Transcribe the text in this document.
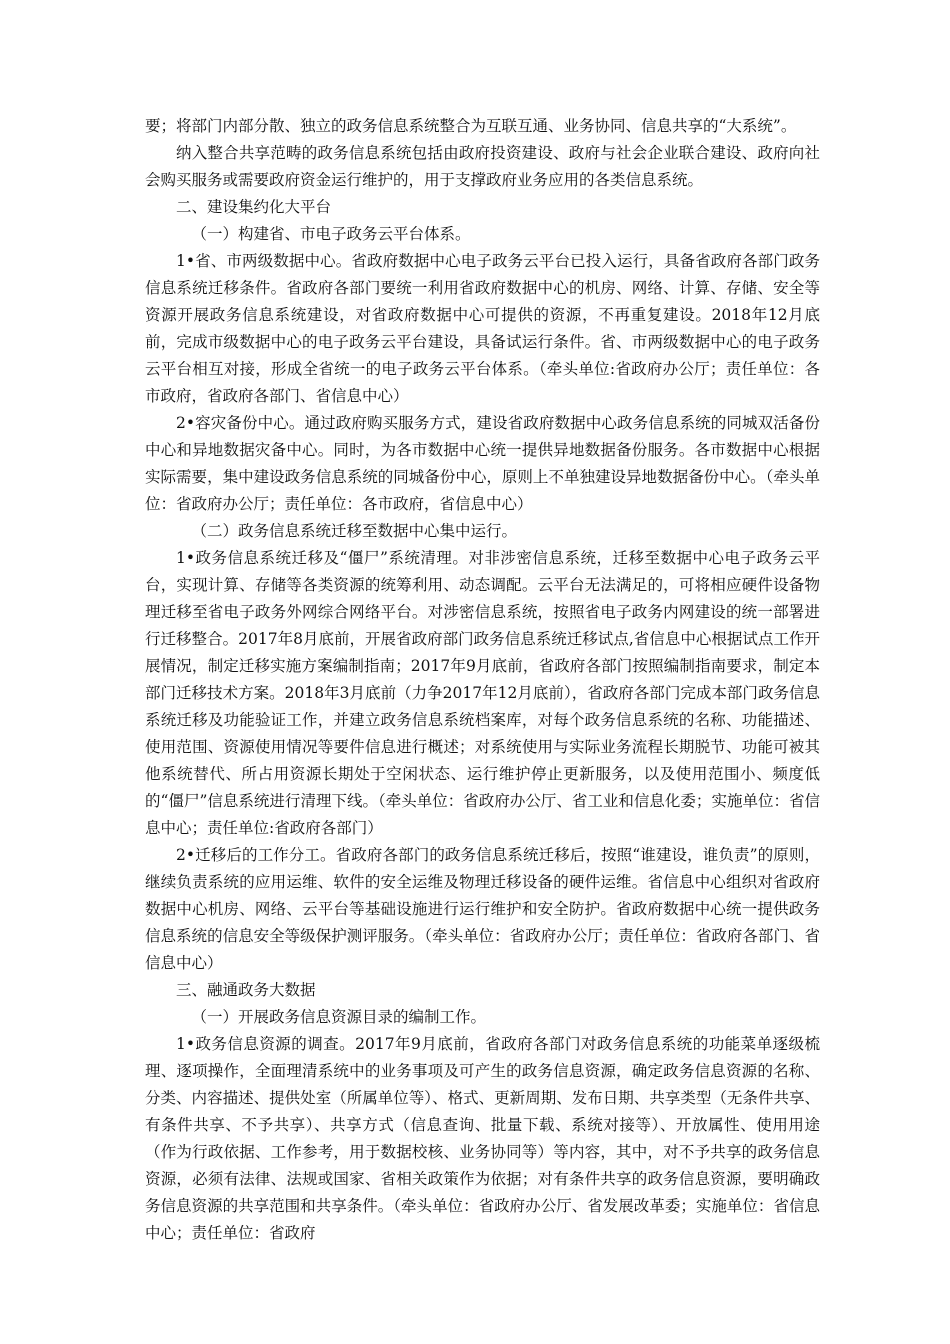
要；将部门内部分散、独立的政务信息系统整合为互联互通、业务协同、信息共享的“大系统”。

纳入整合共享范畴的政务信息系统包括由政府投资建设、政府与社会企业联合建设、政府向社会购买服务或需要政府资金运行维护的，用于支撑政府业务应用的各类信息系统。

二、建设集约化大平台

（一）构建省、市电子政务云平台体系。

1•省、市两级数据中心。省政府数据中心电子政务云平台已投入运行，具备省政府各部门政务信息系统迁移条件。省政府各部门要统一利用省政府数据中心的机房、网络、计算、存储、安全等资源开展政务信息系统建设，对省政府数据中心可提供的资源，不再重复建设。2018年12月底前，完成市级数据中心的电子政务云平台建设，具备试运行条件。省、市两级数据中心的电子政务云平台相互对接，形成全省统一的电子政务云平台体系。（牵头单位:省政府办公厅；责任单位：各市政府，省政府各部门、省信息中心）

2•容灾备份中心。通过政府购买服务方式，建设省政府数据中心政务信息系统的同城双活备份中心和异地数据灾备中心。同时，为各市数据中心统一提供异地数据备份服务。各市数据中心根据实际需要，集中建设政务信息系统的同城备份中心，原则上不单独建设异地数据备份中心。（牵头单位：省政府办公厅；责任单位：各市政府，省信息中心）

（二）政务信息系统迁移至数据中心集中运行。

1•政务信息系统迁移及“僵尸”系统清理。对非涉密信息系统，迁移至数据中心电子政务云平台，实现计算、存储等各类资源的统筹利用、动态调配。云平台无法满足的，可将相应硬件设备物理迁移至省电子政务外网综合网络平台。对涉密信息系统，按照省电子政务内网建设的统一部署进行迁移整合。2017年8月底前，开展省政府部门政务信息系统迁移试点,省信息中心根据试点工作开展情况，制定迁移实施方案编制指南；2017年9月底前，省政府各部门按照编制指南要求，制定本部门迁移技术方案。2018年3月底前（力争2017年12月底前），省政府各部门完成本部门政务信息系统迁移及功能验证工作，并建立政务信息系统档案库，对每个政务信息系统的名称、功能描述、使用范围、资源使用情况等要件信息进行概述；对系统使用与实际业务流程长期脱节、功能可被其他系统替代、所占用资源长期处于空闲状态、运行维护停止更新服务，以及使用范围小、频度低的“僵尸”信息系统进行清理下线。（牵头单位：省政府办公厅、省工业和信息化委；实施单位：省信息中心；责任单位:省政府各部门）

2•迁移后的工作分工。省政府各部门的政务信息系统迁移后，按照“谁建设，谁负责”的原则，继续负责系统的应用运维、软件的安全运维及物理迁移设备的硬件运维。省信息中心组织对省政府数据中心机房、网络、云平台等基础设施进行运行维护和安全防护。省政府数据中心统一提供政务信息系统的信息安全等级保护测评服务。（牵头单位：省政府办公厅；责任单位：省政府各部门、省信息中心）

三、融通政务大数据

（一）开展政务信息资源目录的编制工作。

1•政务信息资源的调查。2017年9月底前，省政府各部门对政务信息系统的功能菜单逐级梳理、逐项操作，全面理清系统中的业务事项及可产生的政务信息资源，确定政务信息资源的名称、分类、内容描述、提供处室（所属单位等）、格式、更新周期、发布日期、共享类型（无条件共享、有条件共享、不予共享）、共享方式（信息查询、批量下载、系统对接等）、开放属性、使用用途（作为行政依据、工作参考，用于数据校核、业务协同等）等内容，其中，对不予共享的政务信息资源，必须有法律、法规或国家、省相关政策作为依据；对有条件共享的政务信息资源，要明确政务信息资源的共享范围和共享条件。（牵头单位：省政府办公厅、省发展改革委；实施单位：省信息中心；责任单位：省政府
